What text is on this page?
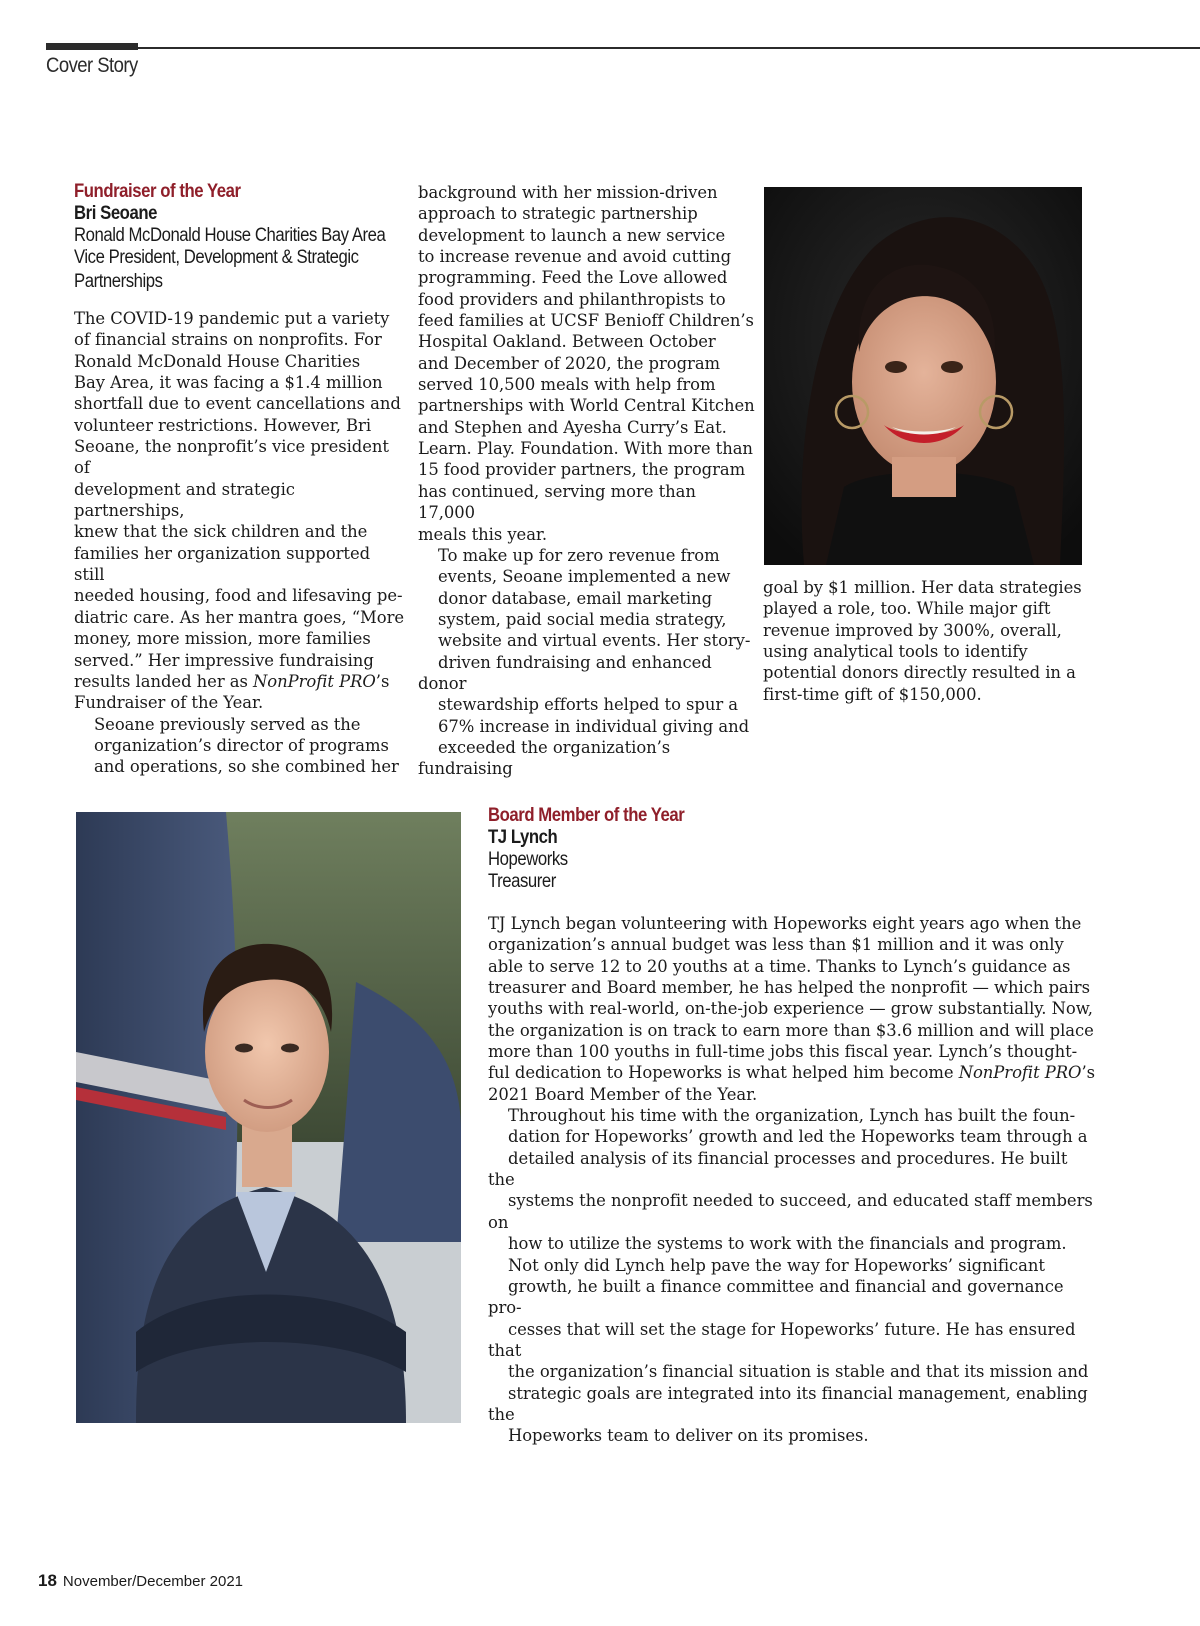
Cover Story
Fundraiser of the Year
Bri Seoane
Ronald McDonald House Charities Bay Area
Vice President, Development & Strategic
Partnerships

The COVID-19 pandemic put a variety
of financial strains on nonprofits. For
Ronald McDonald House Charities
Bay Area, it was facing a $1.4 million
shortfall due to event cancellations and
volunteer restrictions. However, Bri
Seoane, the nonprofit’s vice president of
development and strategic partnerships,
knew that the sick children and the
families her organization supported still
needed housing, food and lifesaving pe-
diatric care. As her mantra goes, “More
money, more mission, more families
served.” Her impressive fundraising
results landed her as NonProfit PRO’s
Fundraiser of the Year.

Seoane previously served as the
organization’s director of programs
and operations, so she combined her

background with her mission-driven
approach to strategic partnership
development to launch a new service
to increase revenue and avoid cutting
programming. Feed the Love allowed
food providers and philanthropists to
feed families at UCSF Benioff Children’s
Hospital Oakland. Between October
and December of 2020, the program
served 10,500 meals with help from
partnerships with World Central Kitchen
and Stephen and Ayesha Curry’s Eat.
Learn. Play. Foundation. With more than
15 food provider partners, the program
has continued, serving more than 17,000
meals this year.

To make up for zero revenue from
events, Seoane implemented a new
donor database, email marketing
system, paid social media strategy,
website and virtual events. Her story-
driven fundraising and enhanced donor
stewardship efforts helped to spur a
67% increase in individual giving and
exceeded the organization’s fundraising

goal by $1 million. Her data strategies
played a role, too. While major gift
revenue improved by 300%, overall,
using analytical tools to identify
potential donors directly resulted in a
first-time gift of $150,000.

Board Member of the Year
TJ Lynch
Hopeworks
Treasurer

TJ Lynch began volunteering with Hopeworks eight years ago when the
organization’s annual budget was less than $1 million and it was only
able to serve 12 to 20 youths at a time. Thanks to Lynch’s guidance as
treasurer and Board member, he has helped the nonprofit — which pairs
youths with real-world, on-the-job experience — grow substantially. Now,
the organization is on track to earn more than $3.6 million and will place
more than 100 youths in full-time jobs this fiscal year. Lynch’s thought-
ful dedication to Hopeworks is what helped him become NonProfit PRO’s
2021 Board Member of the Year.

Throughout his time with the organization, Lynch has built the foun-
dation for Hopeworks’ growth and led the Hopeworks team through a
detailed analysis of its financial processes and procedures. He built the
systems the nonprofit needed to succeed, and educated staff members on
how to utilize the systems to work with the financials and program.

Not only did Lynch help pave the way for Hopeworks’ significant
growth, he built a finance committee and financial and governance pro-
cesses that will set the stage for Hopeworks’ future. He has ensured that
the organization’s financial situation is stable and that its mission and
strategic goals are integrated into its financial management, enabling the
Hopeworks team to deliver on its promises.

18 November/December 2021
